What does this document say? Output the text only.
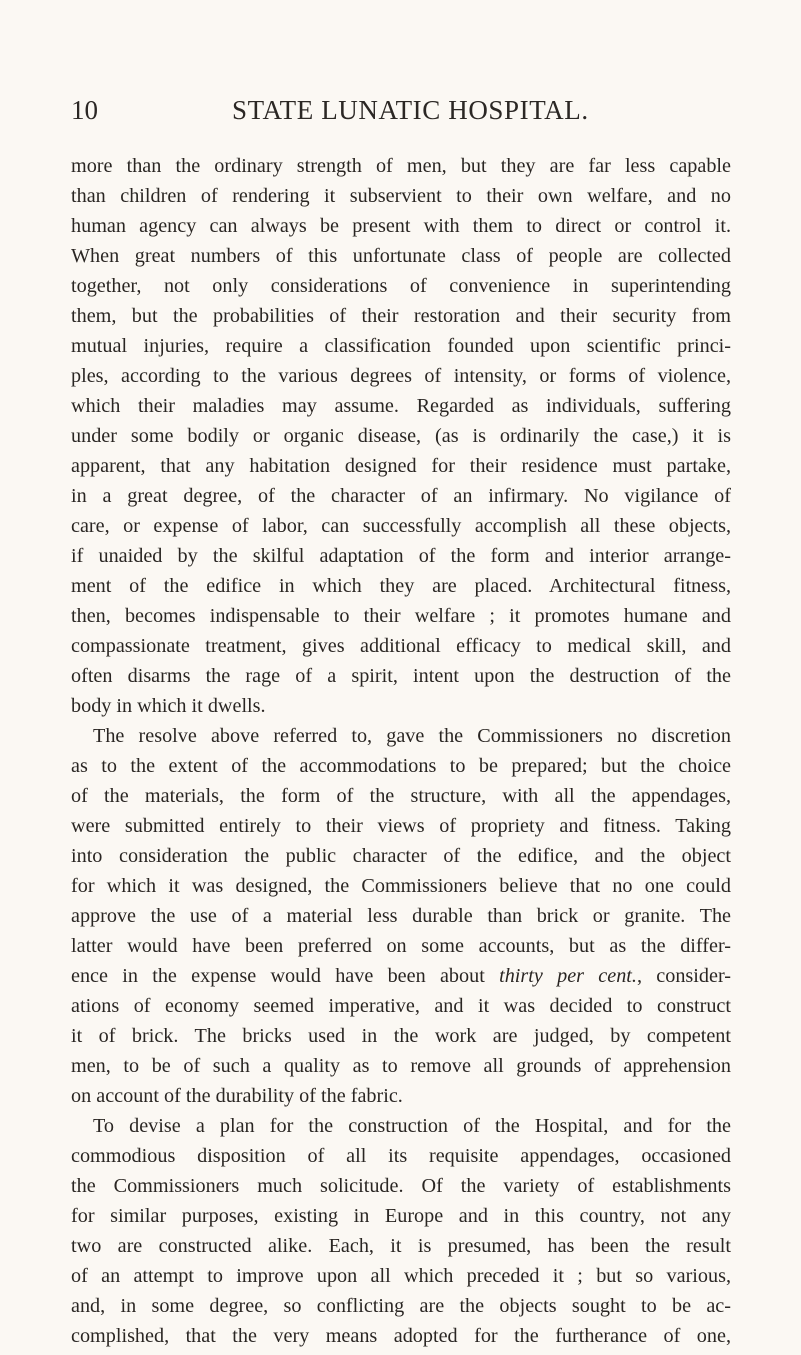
10	STATE LUNATIC HOSPITAL.
more than the ordinary strength of men, but they are far less capable
than children of rendering it subservient to their own welfare, and no
human agency can always be present with them to direct or control it.
When great numbers of this unfortunate class of people are collected
together, not only considerations of convenience in superintending
them, but the probabilities of their restoration and their security from
mutual injuries, require a classification founded upon scientific princi-
ples, according to the various degrees of intensity, or forms of violence,
which their maladies may assume. Regarded as individuals, suffering
under some bodily or organic disease, (as is ordinarily the case,) it is
apparent, that any habitation designed for their residence must partake,
in a great degree, of the character of an infirmary. No vigilance of
care, or expense of labor, can successfully accomplish all these objects,
if unaided by the skilful adaptation of the form and interior arrange-
ment of the edifice in which they are placed. Architectural fitness,
then, becomes indispensable to their welfare ; it promotes humane and
compassionate treatment, gives additional efficacy to medical skill, and
often disarms the rage of a spirit, intent upon the destruction of the
body in which it dwells.
The resolve above referred to, gave the Commissioners no discretion
as to the extent of the accommodations to be prepared; but the choice
of the materials, the form of the structure, with all the appendages,
were submitted entirely to their views of propriety and fitness. Taking
into consideration the public character of the edifice, and the object
for which it was designed, the Commissioners believe that no one could
approve the use of a material less durable than brick or granite. The
latter would have been preferred on some accounts, but as the differ-
ence in the expense would have been about thirty per cent., consider-
ations of economy seemed imperative, and it was decided to construct
it of brick. The bricks used in the work are judged, by competent
men, to be of such a quality as to remove all grounds of apprehension
on account of the durability of the fabric.
To devise a plan for the construction of the Hospital, and for the
commodious disposition of all its requisite appendages, occasioned
the Commissioners much solicitude. Of the variety of establishments
for similar purposes, existing in Europe and in this country, not any
two are constructed alike. Each, it is presumed, has been the result
of an attempt to improve upon all which preceded it ; but so various,
and, in some degree, so conflicting are the objects sought to be ac-
complished, that the very means adopted for the furtherance of one,
